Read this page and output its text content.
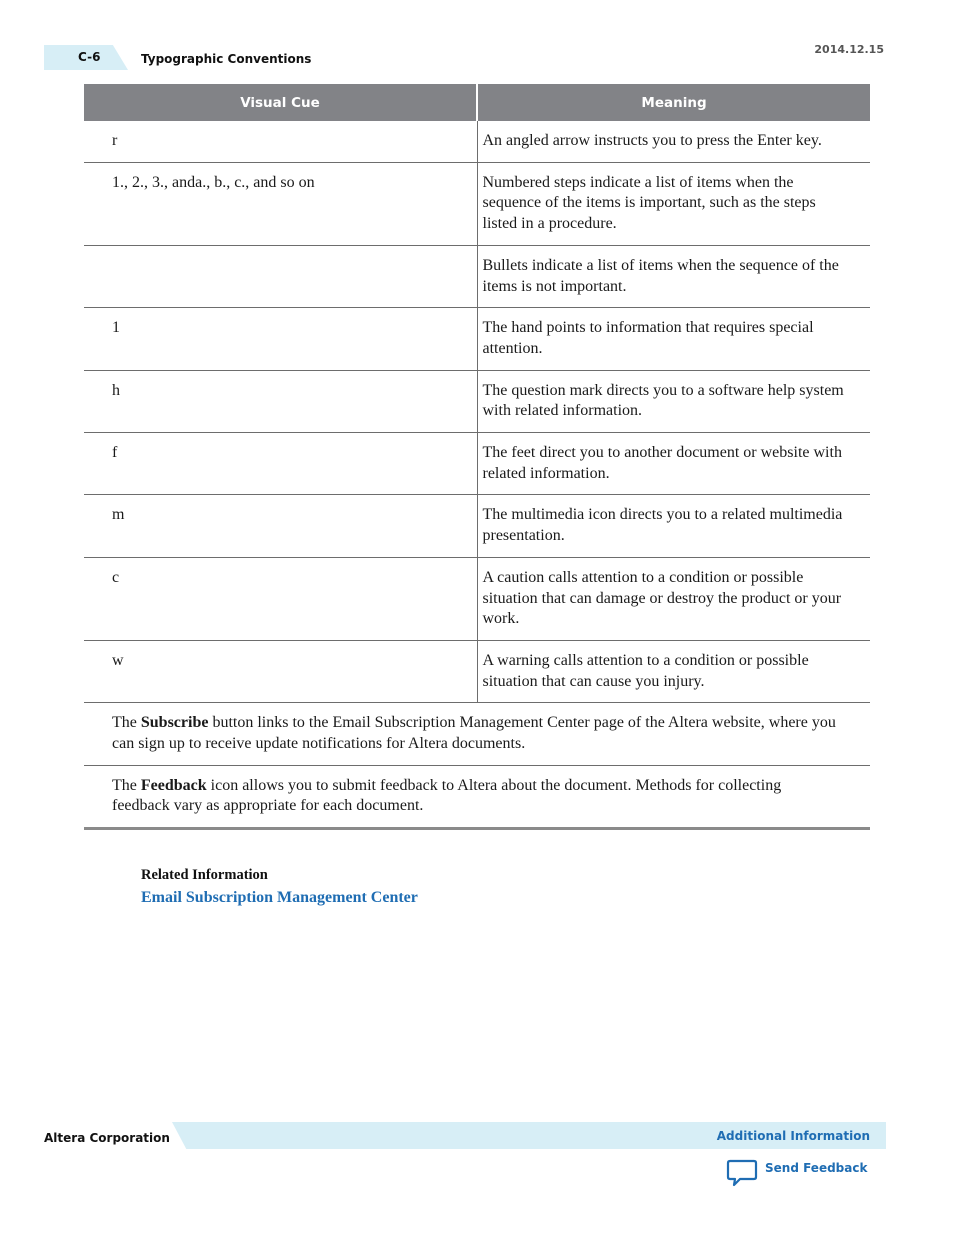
C-6	Typographic Conventions
2014.12.15
Visual Cue	Meaning
r	An angled arrow instructs you to press the Enter key.
1., 2., 3., anda., b., c., and so on	Numbered steps indicate a list of items when the sequence of the items is important, such as the steps listed in a procedure.
	Bullets indicate a list of items when the sequence of the items is not important.
1	The hand points to information that requires special attention.
h	The question mark directs you to a software help system with related information.
f	The feet direct you to another document or website with related information.
m	The multimedia icon directs you to a related multimedia presentation.
c	A caution calls attention to a condition or possible situation that can damage or destroy the product or your work.
w	A warning calls attention to a condition or possible situation that can cause you injury.
The Subscribe button links to the Email Subscription Management Center page of the Altera website, where you can sign up to receive update notifications for Altera documents.	
The Feedback icon allows you to submit feedback to Altera about the document. Methods for collecting feedback vary as appropriate for each document.	
Related Information
Email Subscription Management Center
Altera Corporation	Additional Information
Send Feedback
